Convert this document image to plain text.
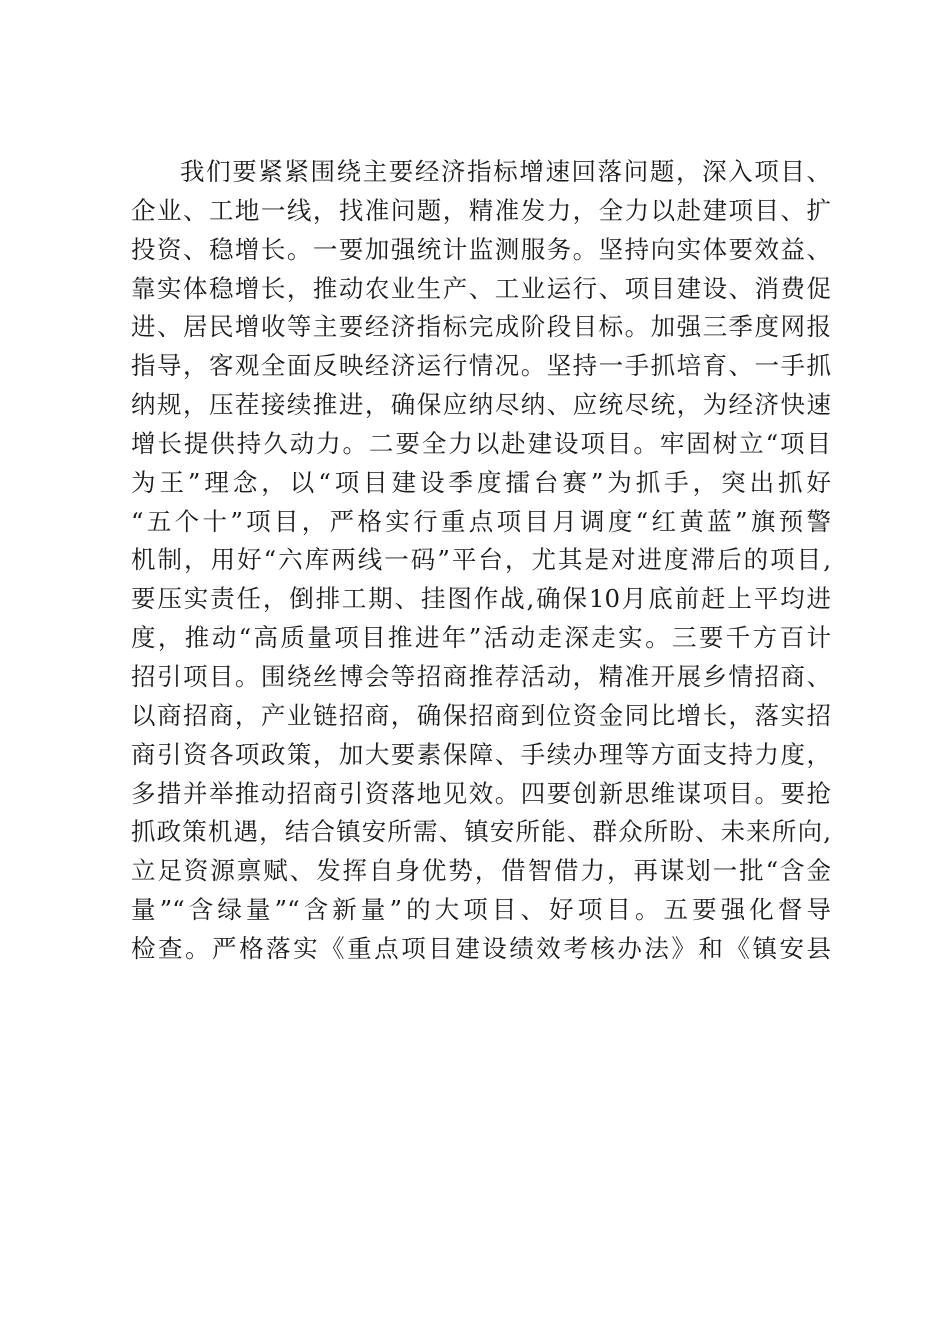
我们要紧紧围绕主要经济指标增速回落问题，深入项目、
企业、工地一线，找准问题，精准发力，全力以赴建项目、扩
投资、稳增长。一要加强统计监测服务。坚持向实体要效益、
靠实体稳增长，推动农业生产、工业运行、项目建设、消费促
进、居民增收等主要经济指标完成阶段目标。加强三季度网报
指导，客观全面反映经济运行情况。坚持一手抓培育、一手抓
纳规，压茬接续推进，确保应纳尽纳、应统尽统，为经济快速
增长提供持久动力。二要全力以赴建设项目。牢固树立“项目
为王”理念，以“项目建设季度擂台赛”为抓手，突出抓好
“五个十”项目，严格实行重点项目月调度“红黄蓝”旗预警
机制，用好“六库两线一码”平台，尤其是对进度滞后的项目,
要压实责任，倒排工期、挂图作战,确保10月底前赶上平均进
度，推动“高质量项目推进年”活动走深走实。三要千方百计
招引项目。围绕丝博会等招商推荐活动，精准开展乡情招商、
以商招商，产业链招商，确保招商到位资金同比增长，落实招
商引资各项政策，加大要素保障、手续办理等方面支持力度，
多措并举推动招商引资落地见效。四要创新思维谋项目。要抢
抓政策机遇，结合镇安所需、镇安所能、群众所盼、未来所向,
立足资源禀赋、发挥自身优势，借智借力，再谋划一批“含金
量”“含绿量”“含新量”的大项目、好项目。五要强化督导
检查。严格落实《重点项目建设绩效考核办法》和《镇安县
